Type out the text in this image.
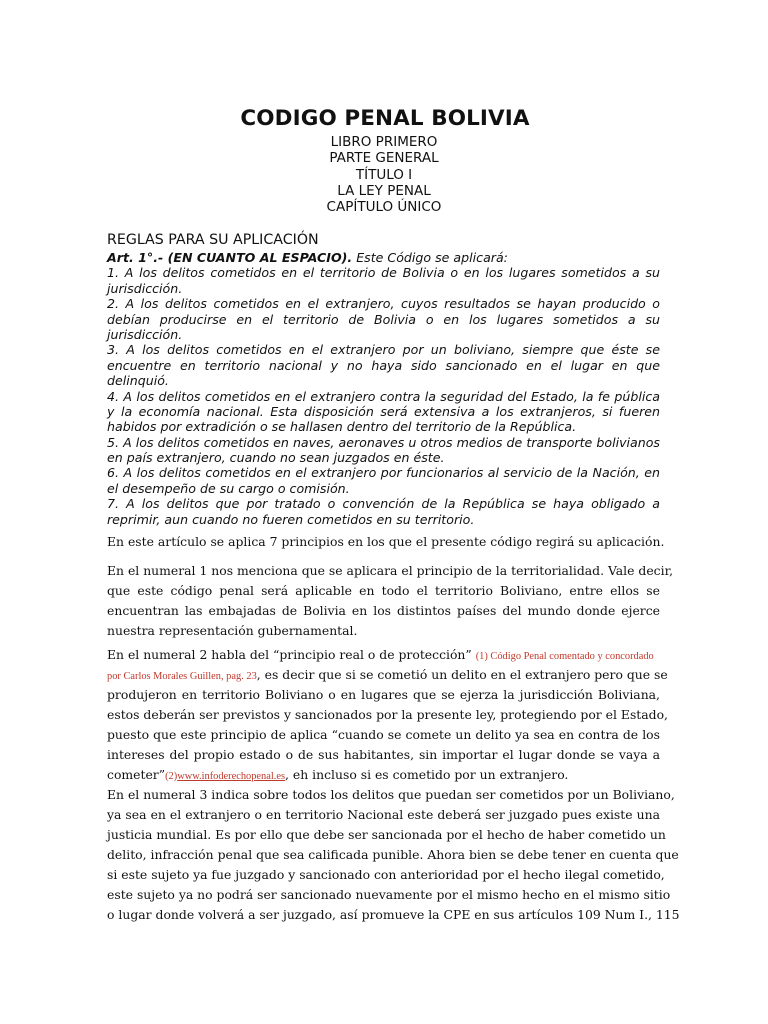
CODIGO PENAL BOLIVIA
LIBRO PRIMERO
PARTE GENERAL
TÍTULO I
LA LEY PENAL
CAPÍTULO ÚNICO
REGLAS PARA SU APLICACIÓN
Art. 1°.- (EN CUANTO AL ESPACIO). Este Código se aplicará:
1. A los delitos cometidos en el territorio de Bolivia o en los lugares sometidos a su
jurisdicción.
2. A los delitos cometidos en el extranjero, cuyos resultados se hayan producido o
debían producirse en el territorio de Bolivia o en los lugares sometidos a su
jurisdicción.
3. A los delitos cometidos en el extranjero por un boliviano, siempre que éste se
encuentre en territorio nacional y no haya sido sancionado en el lugar en que
delinquió.
4. A los delitos cometidos en el extranjero contra la seguridad del Estado, la fe pública
y la economía nacional. Esta disposición será extensiva a los extranjeros, si fueren
habidos por extradición o se hallasen dentro del territorio de la República.
5. A los delitos cometidos en naves, aeronaves u otros medios de transporte bolivianos
en país extranjero, cuando no sean juzgados en éste.
6. A los delitos cometidos en el extranjero por funcionarios al servicio de la Nación, en
el desempeño de su cargo o comisión.
7. A los delitos que por tratado o convención de la República se haya obligado a
reprimir, aun cuando no fueren cometidos en su territorio.
En este artículo se aplica 7 principios en los que el presente código regirá su aplicación.
En el numeral 1 nos menciona que se aplicara el principio de la territorialidad. Vale decir,
que este código penal será aplicable en todo el territorio Boliviano, entre ellos se
encuentran las embajadas de Bolivia en los distintos países del mundo donde ejerce
nuestra representación gubernamental.
En el numeral 2 habla del “principio real o de protección” (1) Código Penal comentado y concordado
por Carlos Morales Guillen, pag. 23, es decir que si se cometió un delito en el extranjero pero que se
produjeron en territorio Boliviano o en lugares que se ejerza la jurisdicción Boliviana,
estos deberán ser previstos y sancionados por la presente ley, protegiendo por el Estado,
puesto que este principio de aplica “cuando se comete un delito ya sea en contra de los
intereses del propio estado o de sus habitantes, sin importar el lugar donde se vaya a
cometer”(2)www.infoderechopenal.es, eh incluso si es cometido por un extranjero.
En el numeral 3 indica sobre todos los delitos que puedan ser cometidos por un Boliviano,
ya sea en el extranjero o en territorio Nacional este deberá ser juzgado pues existe una
justicia mundial. Es por ello que debe ser sancionada por el hecho de haber cometido un
delito, infracción penal que sea calificada punible. Ahora bien se debe tener en cuenta que
si este sujeto ya fue juzgado y sancionado con anterioridad por el hecho ilegal cometido,
este sujeto ya no podrá ser sancionado nuevamente por el mismo hecho en el mismo sitio
o lugar donde volverá a ser juzgado, así promueve la CPE en sus artículos 109 Num I., 115
